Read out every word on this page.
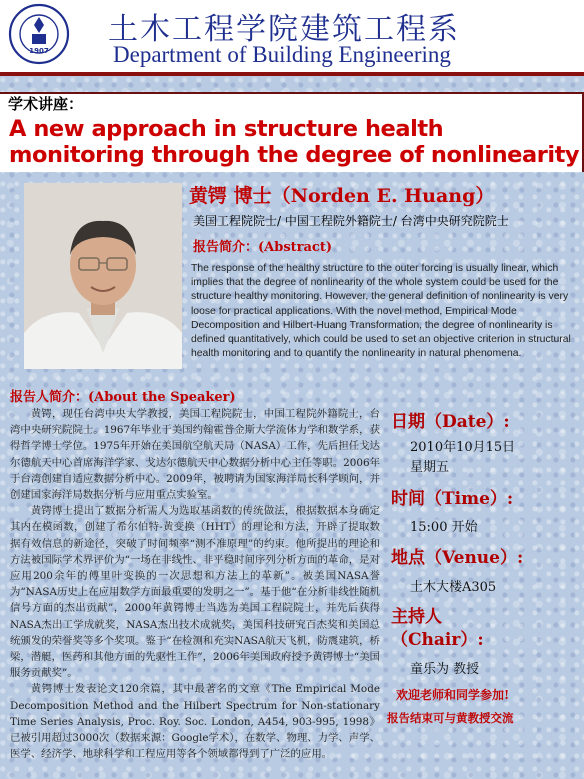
1907
土木工程学院建筑工程系
Department of Building Engineering
学术讲座：
A new approach in structure health monitoring through the degree of nonlinearity
黄锷 博士（Norden E. Huang）
美国工程院院士/ 中国工程院外籍院士/ 台湾中央研究院院士
报告简介：(Abstract)
The response of the healthy structure to the outer forcing is usually linear, which implies that the degree of nonlinearity of the whole system could be used for the structure healthy monitoring. However, the general definition of nonlinearity is very loose for practical applications. With the novel method, Empirical Mode Decomposition and Hilbert-Huang Transformation, the degree of nonlinearity is defined quantitatively, which could be used to set an objective criterion in structural health monitoring and to quantify the nonlinearity in natural phenomena.
报告人简介：(About the Speaker)
黄锷，现任台湾中央大学教授，美国工程院院士，中国工程院外籍院士，台湾中央研究院院士。1967年毕业于美国约翰霍普金斯大学流体力学和数学系，获得哲学博士学位。1975年开始在美国航空航天局（NASA）工作，先后担任戈达尔德航天中心首席海洋学家、戈达尔德航天中心数据分析中心主任等职。2006年于台湾创建自适应数据分析中心。2009年，被聘请为国家海洋局长科学顾问，并创建国家海洋局数据分析与应用重点实验室。
黄锷博士提出了数据分析需人为选取基函数的传统做法，根据数据本身确定其内在模函数，创建了希尔伯特-黄变换（HHT）的理论和方法，开辟了提取数据有效信息的新途径，突破了时间频率“测不准原理”的约束。他所提出的理论和方法被国际学术界评价为“一场在非线性、非平稳时间序列分析方面的革命，是对应用200余年的傅里叶变换的一次思想和方法上的革新”。被美国NASA誉为“NASA历史上在应用数学方面最重要的发明之一”。基于他“在分析非线性随机信号方面的杰出贡献”，2000年黄锷博士当选为美国工程院院士，并先后获得NASA杰出工学成就奖，NASA杰出技术成就奖，美国科技研究百杰奖和美国总统颁发的荣誉奖等多个奖项。鉴于“在检测和充实NASA航天飞机，防震建筑，桥梁，潜艇，医药和其他方面的先驱性工作”，2006年美国政府授予黄锷博士“美国服务贡献奖”。
黄锷博士发表论文120余篇，其中最著名的文章《The Empirical Mode Decomposition Method and the Hilbert Spectrum for Non-stationary Time Series Analysis, Proc. Roy. Soc. London, A454, 903-995, 1998》已被引用超过3000次（数据来源：Google学术），在数学、物理、力学、声学、医学、经济学、地球科学和工程应用等各个领域都得到了广泛的应用。
日期（Date）:
2010年10月15日
星期五
时间（Time）:
15:00 开始
地点（Venue）:
土木大楼A305
主持人
（Chair）:
童乐为 教授
欢迎老师和同学参加!
报告结束可与黄教授交流
